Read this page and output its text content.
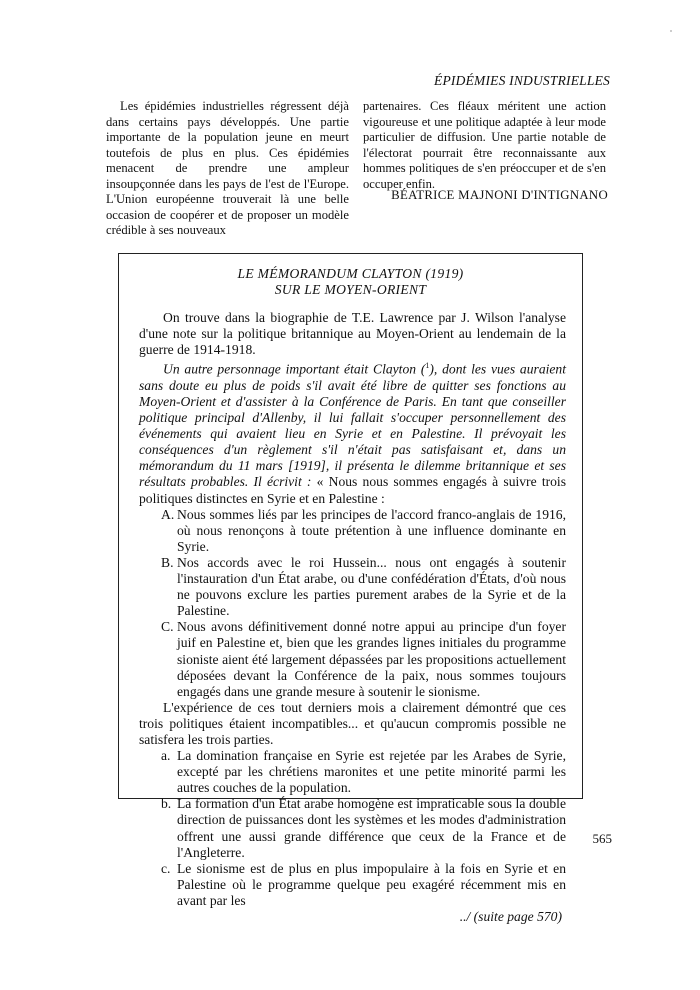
ÉPIDÉMIES INDUSTRIELLES

Les épidémies industrielles régressent déjà dans certains pays développés. Une partie importante de la population jeune en meurt toutefois de plus en plus. Ces épidémies menacent de prendre une ampleur insoupçonnée dans les pays de l'est de l'Europe. L'Union européenne trouverait là une belle occasion de coopérer et de proposer un modèle crédible à ses nouveaux

partenaires. Ces fléaux méritent une action vigoureuse et une politique adaptée à leur mode particulier de diffusion. Une partie notable de l'électorat pourrait être reconnaissante aux hommes politiques de s'en préoccuper et de s'en occuper enfin.

BÉATRICE MAJNONI D'INTIGNANO
LE MÉMORANDUM CLAYTON (1919)
SUR LE MOYEN-ORIENT

On trouve dans la biographie de T.E. Lawrence par J. Wilson l'analyse d'une note sur la politique britannique au Moyen-Orient au lendemain de la guerre de 1914-1918.

Un autre personnage important était Clayton ($^1$), dont les vues auraient sans doute eu plus de poids s'il avait été libre de quitter ses fonctions au Moyen-Orient et d'assister à la Conférence de Paris. En tant que conseiller politique principal d'Allenby, il lui fallait s'occuper personnellement des événements qui avaient lieu en Syrie et en Palestine. Il prévoyait les conséquences d'un règlement s'il n'était pas satisfaisant et, dans un mémorandum du 11 mars [1919], il présenta le dilemme britannique et ses résultats probables. Il écrivit : « Nous nous sommes engagés à suivre trois politiques distinctes en Syrie et en Palestine :

A. Nous sommes liés par les principes de l'accord franco-anglais de 1916, où nous renonçons à toute prétention à une influence dominante en Syrie.
B. Nos accords avec le roi Hussein... nous ont engagés à soutenir l'instauration d'un État arabe, ou d'une confédération d'États, d'où nous ne pouvons exclure les parties purement arabes de la Syrie et de la Palestine.
C. Nous avons définitivement donné notre appui au principe d'un foyer juif en Palestine et, bien que les grandes lignes initiales du programme sioniste aient été largement dépassées par les propositions actuellement déposées devant la Conférence de la paix, nous sommes toujours engagés dans une grande mesure à soutenir le sionisme.

L'expérience de ces tout derniers mois a clairement démontré que ces trois politiques étaient incompatibles... et qu'aucun compromis possible ne satisfera les trois parties.

a. La domination française en Syrie est rejetée par les Arabes de Syrie, excepté par les chrétiens maronites et une petite minorité parmi les autres couches de la population.
b. La formation d'un État arabe homogène est impraticable sous la double direction de puissances dont les systèmes et les modes d'administration offrent une aussi grande différence que ceux de la France et de l'Angleterre.
c. Le sionisme est de plus en plus impopulaire à la fois en Syrie et en Palestine où le programme quelque peu exagéré récemment mis en avant par les

../ (suite page 570)

565
